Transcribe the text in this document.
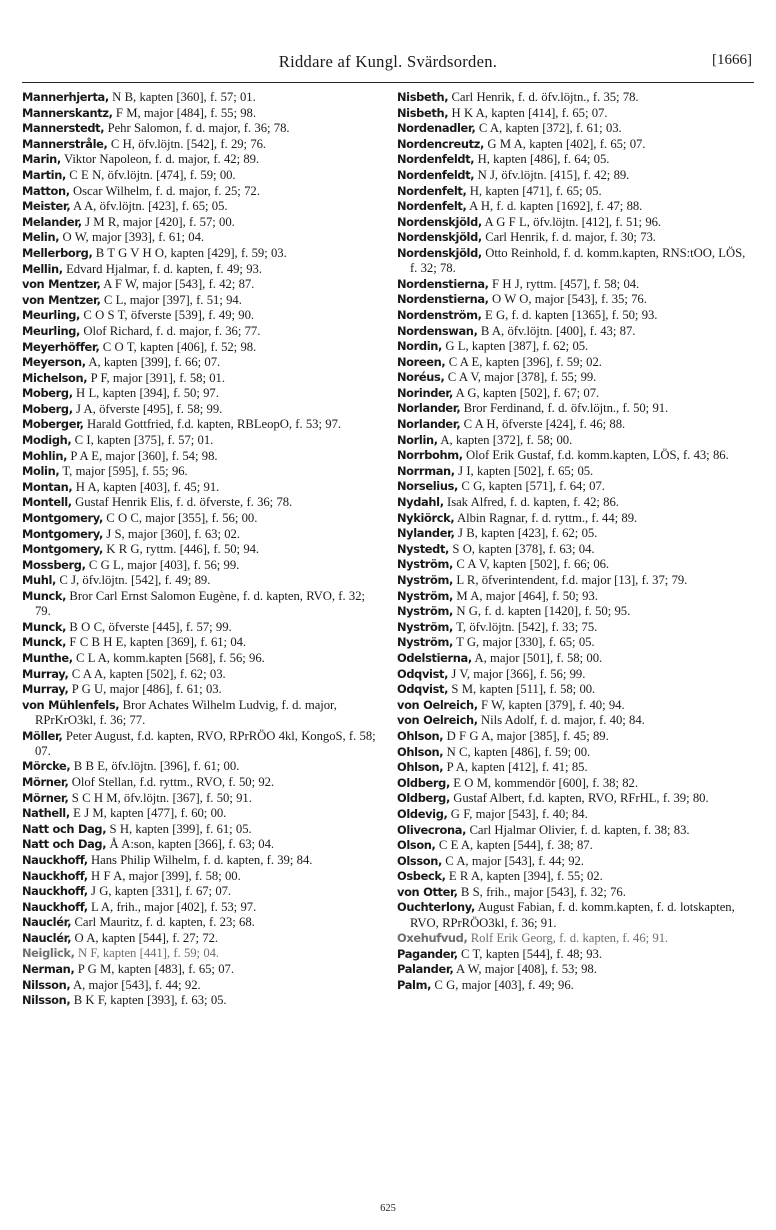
Riddare af Kungl. Svärdsorden.	[1666]

Mannerhjerta, N B, kapten [360], f. 57; 01.

Mannerskantz, F M, major [484], f. 55; 98.

Mannerstedt, Pehr Salomon, f. d. major, f. 36; 78.

Mannerstråle, C H, öfv.löjtn. [542], f. 29; 76.

Marin, Viktor Napoleon, f. d. major, f. 42; 89.

Martin, C E N, öfv.löjtn. [474], f. 59; 00.

Matton, Oscar Wilhelm, f. d. major, f. 25; 72.

Meister, A A, öfv.löjtn. [423], f. 65; 05.

Melander, J M R, major [420], f. 57; 00.

Melin, O W, major [393], f. 61; 04.

Mellerborg, B T G V H O, kapten [429], f. 59; 03.

Mellin, Edvard Hjalmar, f. d. kapten, f. 49; 93.

von Mentzer, A F W, major [543], f. 42; 87.

von Mentzer, C L, major [397], f. 51; 94.

Meurling, C O S T, öfverste [539], f. 49; 90.

Meurling, Olof Richard, f. d. major, f. 36; 77.

Meyerhöffer, C O T, kapten [406], f. 52; 98.

Meyerson, A, kapten [399], f. 66; 07.

Michelson, P F, major [391], f. 58; 01.

Moberg, H L, kapten [394], f. 50; 97.

Moberg, J A, öfverste [495], f. 58; 99.

Moberger, Harald Gottfried, f.d. kapten, RBLeopO, f. 53; 97.

Modigh, C I, kapten [375], f. 57; 01.

Mohlin, P A E, major [360], f. 54; 98.

Molin, T, major [595], f. 55; 96.

Montan, H A, kapten [403], f. 45; 91.

Montell, Gustaf Henrik Elis, f. d. öfverste, f. 36; 78.

Montgomery, C O C, major [355], f. 56; 00.

Montgomery, J S, major [360], f. 63; 02.

Montgomery, K R G, ryttm. [446], f. 50; 94.

Mossberg, C G L, major [403], f. 56; 99.

Muhl, C J, öfv.löjtn. [542], f. 49; 89.

Munck, Bror Carl Ernst Salomon Eugène, f. d. kapten, RVO, f. 32; 79.

Munck, B O C, öfverste [445], f. 57; 99.

Munck, F C B H E, kapten [369], f. 61; 04.

Munthe, C L A, komm.kapten [568], f. 56; 96.

Murray, C A A, kapten [502], f. 62; 03.

Murray, P G U, major [486], f. 61; 03.

von Mühlenfels, Bror Achates Wilhelm Ludvig, f. d. major, RPrKrO3kl, f. 36; 77.

Möller, Peter August, f.d. kapten, RVO, RPrRÖO 4kl, KongoS, f. 58; 07.

Mörcke, B B E, öfv.löjtn. [396], f. 61; 00.

Mörner, Olof Stellan, f.d. ryttm., RVO, f. 50; 92.

Mörner, S C H M, öfv.löjtn. [367], f. 50; 91.

Nathell, E J M, kapten [477], f. 60; 00.

Natt och Dag, S H, kapten [399], f. 61; 05.

Natt och Dag, Å A:son, kapten [366], f. 63; 04.

Nauckhoff, Hans Philip Wilhelm, f. d. kapten, f. 39; 84.

Nauckhoff, H F A, major [399], f. 58; 00.

Nauckhoff, J G, kapten [331], f. 67; 07.

Nauckhoff, L A, frih., major [402], f. 53; 97.

Nauclér, Carl Mauritz, f. d. kapten, f. 23; 68.

Nauclér, O A, kapten [544], f. 27; 72.

Neiglick, N F, kapten [441], f. 59; 04.

Nerman, P G M, kapten [483], f. 65; 07.

Nilsson, A, major [543], f. 44; 92.

Nilsson, B K F, kapten [393], f. 63; 05.

Nisbeth, Carl Henrik, f. d. öfv.löjtn., f. 35; 78.

Nisbeth, H K A, kapten [414], f. 65; 07.

Nordenadler, C A, kapten [372], f. 61; 03.

Nordencreutz, G M A, kapten [402], f. 65; 07.

Nordenfeldt, H, kapten [486], f. 64; 05.

Nordenfeldt, N J, öfv.löjtn. [415], f. 42; 89.

Nordenfelt, H, kapten [471], f. 65; 05.

Nordenfelt, A H, f. d. kapten [1692], f. 47; 88.

Nordenskjöld, A G F L, öfv.löjtn. [412], f. 51; 96.

Nordenskjöld, Carl Henrik, f. d. major, f. 30; 73.

Nordenskjöld, Otto Reinhold, f. d. komm.kapten, RNS:tOO, LÖS, f. 32; 78.

Nordenstierna, F H J, ryttm. [457], f. 58; 04.

Nordenstierna, O W O, major [543], f. 35; 76.

Nordenström, E G, f. d. kapten [1365], f. 50; 93.

Nordenswan, B A, öfv.löjtn. [400], f. 43; 87.

Nordin, G L, kapten [387], f. 62; 05.

Noreen, C A E, kapten [396], f. 59; 02.

Noréus, C A V, major [378], f. 55; 99.

Norinder, A G, kapten [502], f. 67; 07.

Norlander, Bror Ferdinand, f. d. öfv.löjtn., f. 50; 91.

Norlander, C A H, öfverste [424], f. 46; 88.

Norlin, A, kapten [372], f. 58; 00.

Norrbohm, Olof Erik Gustaf, f.d. komm.kapten, LÖS, f. 43; 86.

Norrman, J I, kapten [502], f. 65; 05.

Norselius, C G, kapten [571], f. 64; 07.

Nydahl, Isak Alfred, f. d. kapten, f. 42; 86.

Nykiörck, Albin Ragnar, f. d. ryttm., f. 44; 89.

Nylander, J B, kapten [423], f. 62; 05.

Nystedt, S O, kapten [378], f. 63; 04.

Nyström, C A V, kapten [502], f. 66; 06.

Nyström, L R, öfverintendent, f.d. major [13], f. 37; 79.

Nyström, M A, major [464], f. 50; 93.

Nyström, N G, f. d. kapten [1420], f. 50; 95.

Nyström, T, öfv.löjtn. [542], f. 33; 75.

Nyström, T G, major [330], f. 65; 05.

Odelstierna, A, major [501], f. 58; 00.

Odqvist, J V, major [366], f. 56; 99.

Odqvist, S M, kapten [511], f. 58; 00.

von Oelreich, F W, kapten [379], f. 40; 94.

von Oelreich, Nils Adolf, f. d. major, f. 40; 84.

Ohlson, D F G A, major [385], f. 45; 89.

Ohlson, N C, kapten [486], f. 59; 00.

Ohlson, P A, kapten [412], f. 41; 85.

Oldberg, E O M, kommendör [600], f. 38; 82.

Oldberg, Gustaf Albert, f.d. kapten, RVO, RFrHL, f. 39; 80.

Oldevig, G F, major [543], f. 40; 84.

Olivecrona, Carl Hjalmar Olivier, f. d. kapten, f. 38; 83.

Olson, C E A, kapten [544], f. 38; 87.

Olsson, C A, major [543], f. 44; 92.

Osbeck, E R A, kapten [394], f. 55; 02.

von Otter, B S, frih., major [543], f. 32; 76.

Ouchterlony, August Fabian, f. d. komm.kapten, f. d. lotskapten, RVO, RPrRÖO3kl, f. 36; 91.

Oxehufvud, Rolf Erik Georg, f. d. kapten, f. 46; 91.

Pagander, C T, kapten [544], f. 48; 93.

Palander, A W, major [408], f. 53; 98.

Palm, C G, major [403], f. 49; 96.

625
